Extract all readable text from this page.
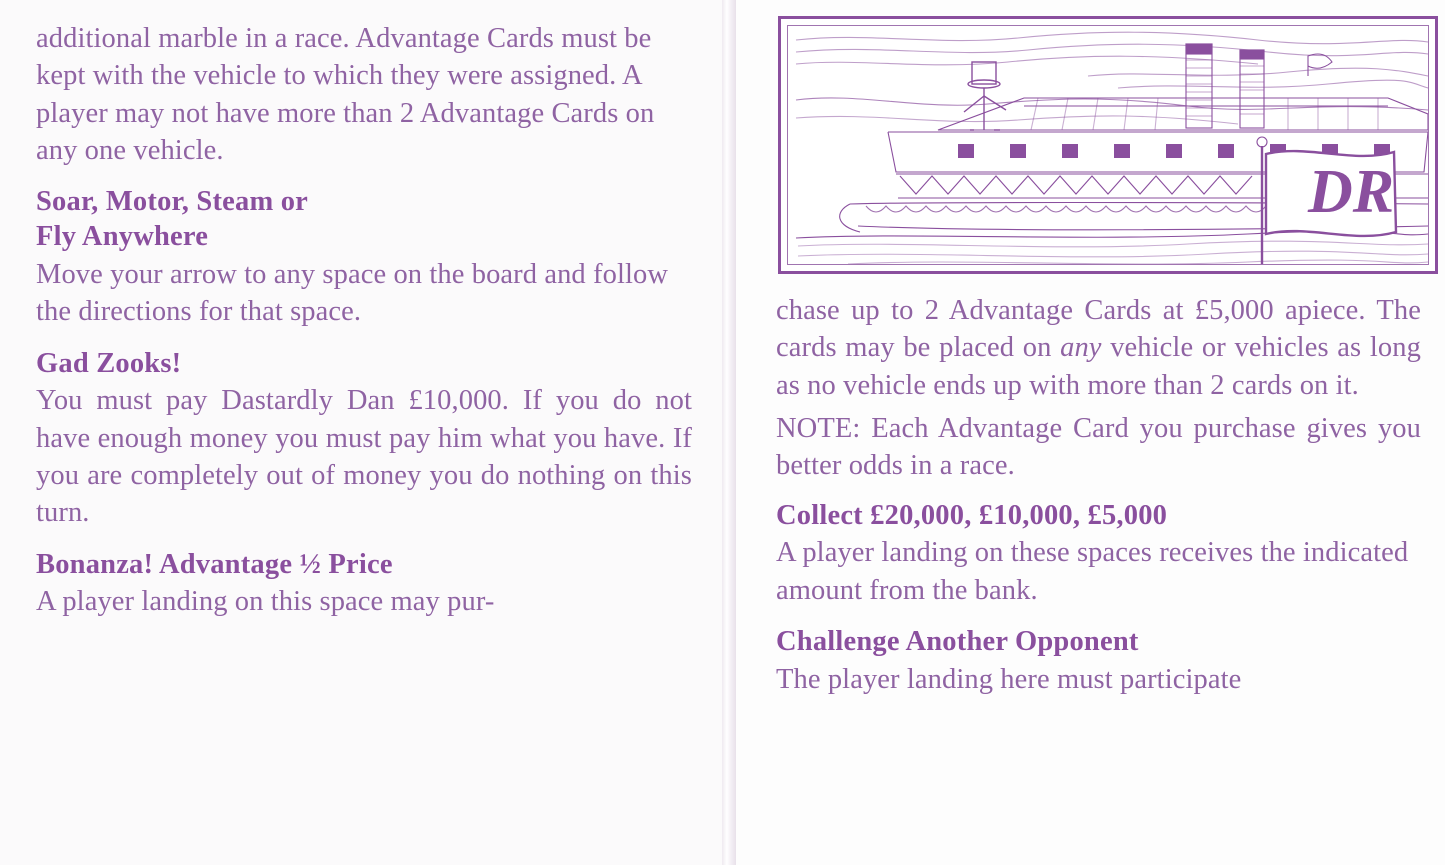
additional marble in a race. Advantage Cards must be kept with the vehicle to which they were assigned. A player may not have more than 2 Advantage Cards on any one vehicle.

Soar, Motor, Steam or
Fly Anywhere

Move your arrow to any space on the board and follow the directions for that space.

Gad Zooks!

You must pay Dastardly Dan £10,000. If you do not have enough money you must pay him what you have. If you are completely out of money you do nothing on this turn.

Bonanza! Advantage ½ Price

A player landing on this space may pur-

DR

chase up to 2 Advantage Cards at £5,000 apiece. The cards may be placed on any vehicle or vehicles as long as no vehicle ends up with more than 2 cards on it.

NOTE: Each Advantage Card you purchase gives you better odds in a race.

Collect £20,000, £10,000, £5,000

A player landing on these spaces receives the indicated amount from the bank.

Challenge Another Opponent

The player landing here must participate
